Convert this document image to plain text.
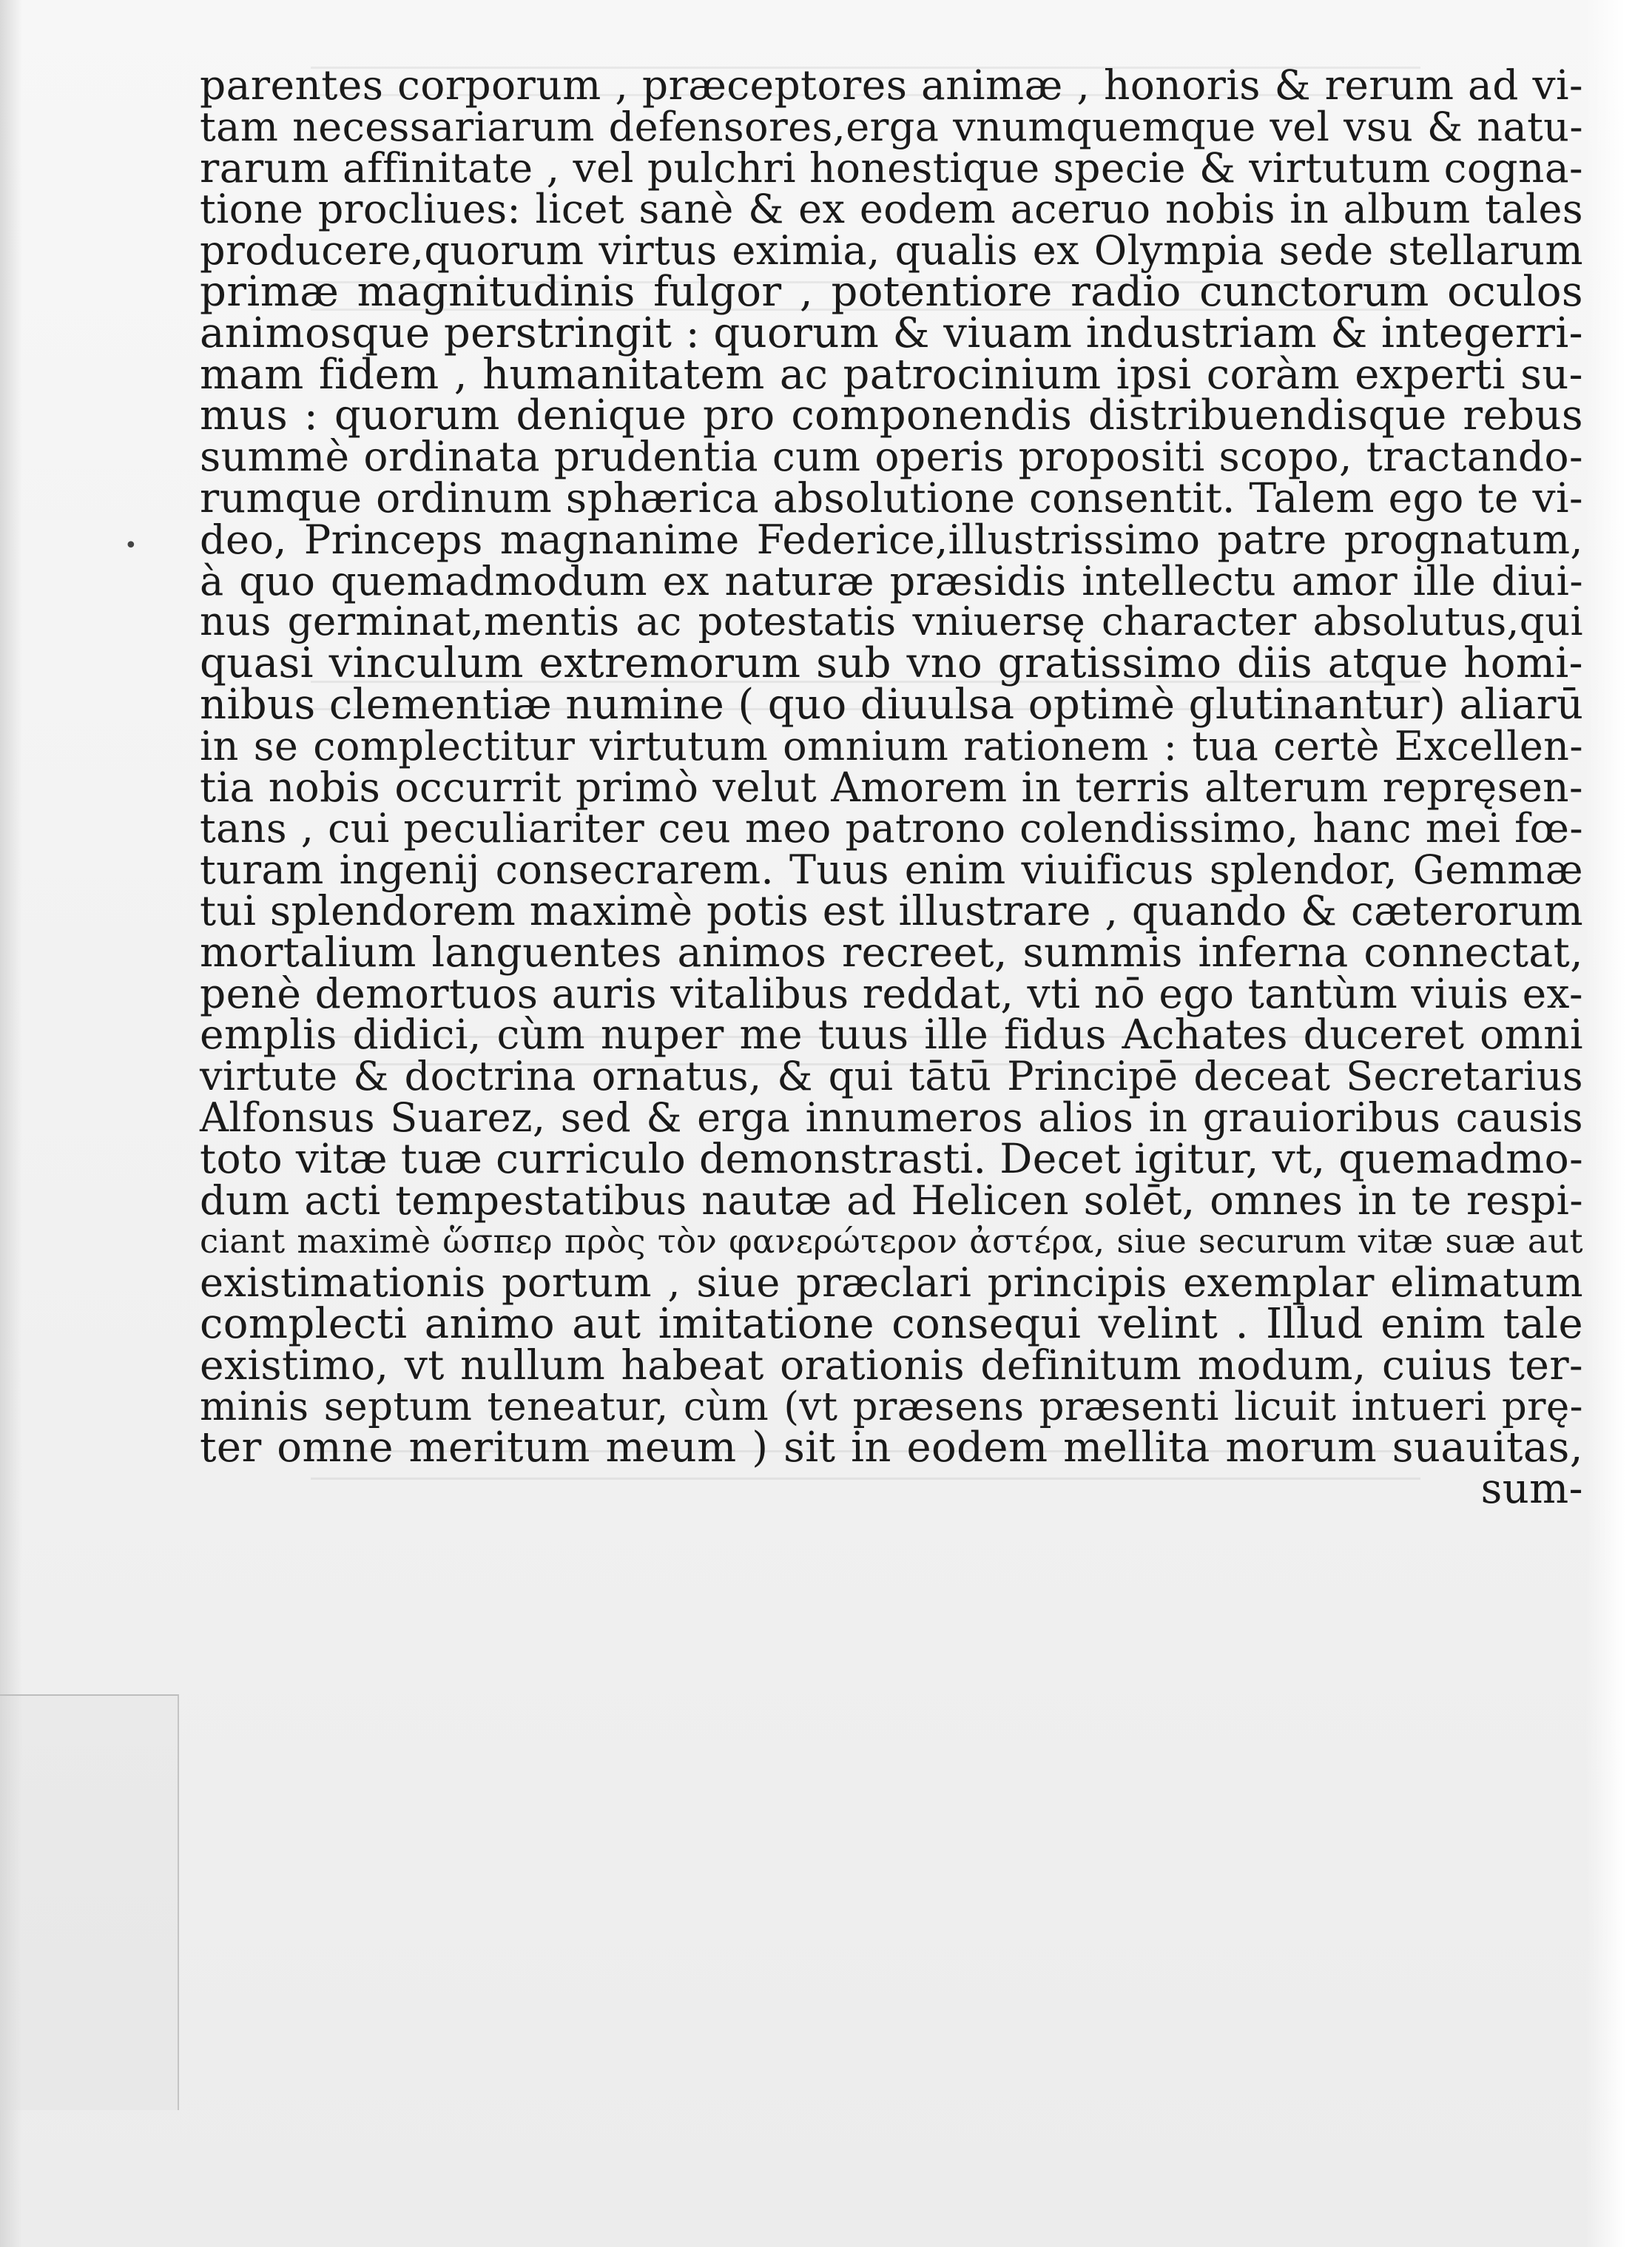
•
parentes corporum , præceptores animæ , honoris & rerum ad vi-
tam necessariarum defensores,erga vnumquemque vel vsu & natu-
rarum affinitate , vel pulchri honestique specie & virtutum cogna-
tione procliues: licet sanè & ex eodem aceruo nobis in album tales
producere,quorum virtus eximia, qualis ex Olympia sede stellarum
primæ magnitudinis fulgor , potentiore radio cunctorum oculos
animosque perstringit : quorum & viuam industriam & integerri-
mam fidem , humanitatem ac patrocinium ipsi coràm experti su-
mus : quorum denique pro componendis distribuendisque rebus
summè ordinata prudentia cum operis propositi scopo, tractando-
rumque ordinum sphærica absolutione consentit. Talem ego te vi-
deo, Princeps magnanime Federice,illustrissimo patre prognatum,
à quo quemadmodum ex naturæ præsidis intellectu amor ille diui-
nus germinat,mentis ac potestatis vniuersę character absolutus,qui
quasi vinculum extremorum sub vno gratissimo diis atque homi-
nibus clementiæ numine ( quo diuulsa optimè glutinantur) aliarū
in se complectitur virtutum omnium rationem : tua certè Excellen-
tia nobis occurrit primò velut Amorem in terris alterum repręsen-
tans , cui peculiariter ceu meo patrono colendissimo, hanc mei fœ-
turam ingenij consecrarem. Tuus enim viuificus splendor, Gemmæ
tui splendorem maximè potis est illustrare , quando & cæterorum
mortalium languentes animos recreet, summis inferna connectat,
penè demortuos auris vitalibus reddat, vti nō ego tantùm viuis ex-
emplis didici, cùm nuper me tuus ille fidus Achates duceret omni
virtute & doctrina ornatus, & qui tātū Principē deceat Secretarius
Alfonsus Suarez, sed & erga innumeros alios in grauioribus causis
toto vitæ tuæ curriculo demonstrasti. Decet igitur, vt, quemadmo-
dum acti tempestatibus nautæ ad Helicen solēt, omnes in te respi-
ciant maximè ὥσπερ πρὸς τὸν φανερώτερον ἀστέρα, siue securum vitæ suæ aut
existimationis portum , siue præclari principis exemplar elimatum
complecti animo aut imitatione consequi velint . Illud enim tale
existimo, vt nullum habeat orationis definitum modum, cuius ter-
minis septum teneatur, cùm (vt præsens præsenti licuit intueri prę-
ter omne meritum meum ) sit in eodem mellita morum suauitas,
sum-
